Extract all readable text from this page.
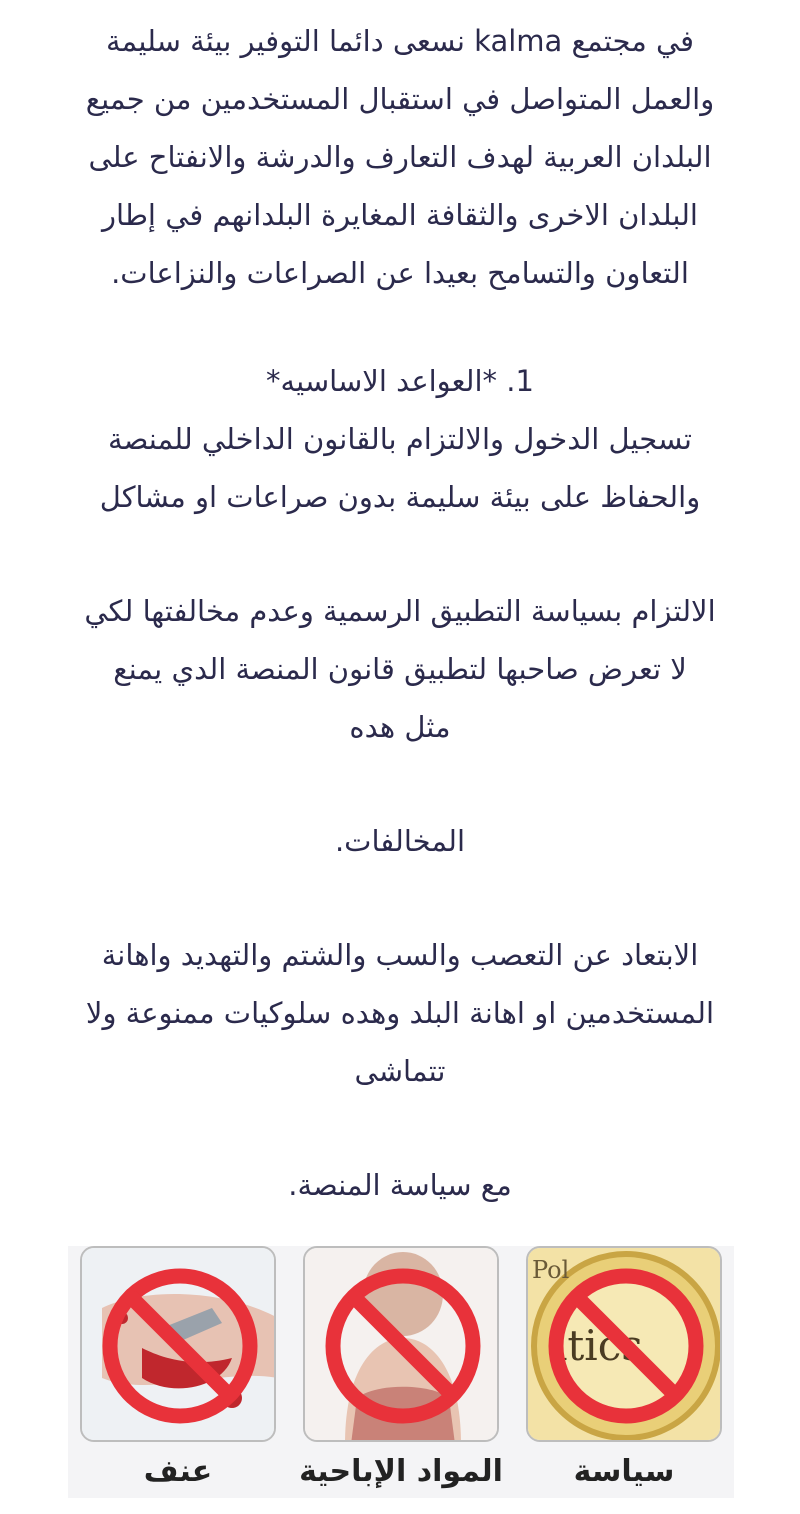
في مجتمع kalma نسعى دائما التوفير بيئة سليمة
والعمل المتواصل في استقبال المستخدمين من جميع
البلدان العربية لهدف التعارف والدرشة والانفتاح على
البلدان الاخرى والثقافة المغايرة البلدانهم في إطار
التعاون والتسامح بعيدا عن الصراعات والنزاعات.
1. *العواعد الاساسيه*
تسجيل الدخول والالتزام بالقانون الداخلي للمنصة
والحفاظ على بيئة سليمة بدون صراعات او مشاكل
الالتزام بسياسة التطبيق الرسمية وعدم مخالفتها لكي
لا تعرض صاحبها لتطبيق قانون المنصة الدي يمنع
مثل هده
المخالفات.
الابتعاد عن التعصب والسب والشتم والتهديد واهانة
المستخدمين او اهانة البلد وهده سلوكيات ممنوعة ولا
تتماشى
مع سياسة المنصة.
itics
Pol
سياسة
المواد الإباحية
عنف
